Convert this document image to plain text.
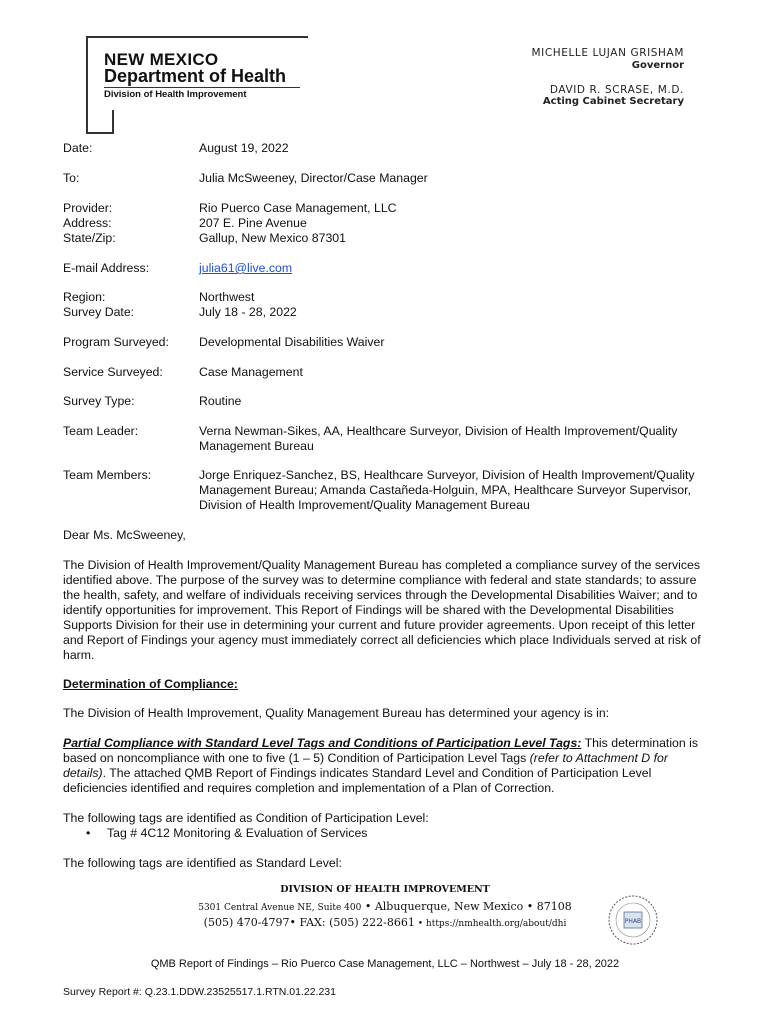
NEW MEXICO
Department of Health
Division of Health Improvement
MICHELLE LUJAN GRISHAM
Governor
DAVID R. SCRASE, M.D.
Acting Cabinet Secretary
Date:	August 19, 2022
To:	Julia McSweeney, Director/Case Manager
Provider:	Rio Puerco Case Management, LLC
Address:	207 E. Pine Avenue
State/Zip:	Gallup, New Mexico 87301
E-mail Address:	julia61@live.com
Region:	Northwest
Survey Date:	July 18 - 28, 2022
Program Surveyed: Developmental Disabilities Waiver
Service Surveyed:	Case Management
Survey Type:	Routine
Team Leader:	Verna Newman-Sikes, AA, Healthcare Surveyor, Division of Health Improvement/Quality Management Bureau
Team Members:	Jorge Enriquez-Sanchez, BS, Healthcare Surveyor, Division of Health Improvement/Quality Management Bureau; Amanda Castañeda-Holguin, MPA, Healthcare Surveyor Supervisor, Division of Health Improvement/Quality Management Bureau
Dear Ms. McSweeney,
The Division of Health Improvement/Quality Management Bureau has completed a compliance survey of the services identified above. The purpose of the survey was to determine compliance with federal and state standards; to assure the health, safety, and welfare of individuals receiving services through the Developmental Disabilities Waiver; and to identify opportunities for improvement. This Report of Findings will be shared with the Developmental Disabilities Supports Division for their use in determining your current and future provider agreements. Upon receipt of this letter and Report of Findings your agency must immediately correct all deficiencies which place Individuals served at risk of harm.
Determination of Compliance:
The Division of Health Improvement, Quality Management Bureau has determined your agency is in:
Partial Compliance with Standard Level Tags and Conditions of Participation Level Tags: This determination is based on noncompliance with one to five (1 – 5) Condition of Participation Level Tags (refer to Attachment D for details). The attached QMB Report of Findings indicates Standard Level and Condition of Participation Level deficiencies identified and requires completion and implementation of a Plan of Correction.
The following tags are identified as Condition of Participation Level:
• Tag # 4C12 Monitoring & Evaluation of Services
The following tags are identified as Standard Level:
DIVISION OF HEALTH IMPROVEMENT
5301 Central Avenue NE, Suite 400 • Albuquerque, New Mexico • 87108
(505) 470-4797• FAX: (505) 222-8661 • https://nmhealth.org/about/dhi	PHAB
QMB Report of Findings – Rio Puerco Case Management, LLC – Northwest – July 18 - 28, 2022
Survey Report #: Q.23.1.DDW.23525517.1.RTN.01.22.231
